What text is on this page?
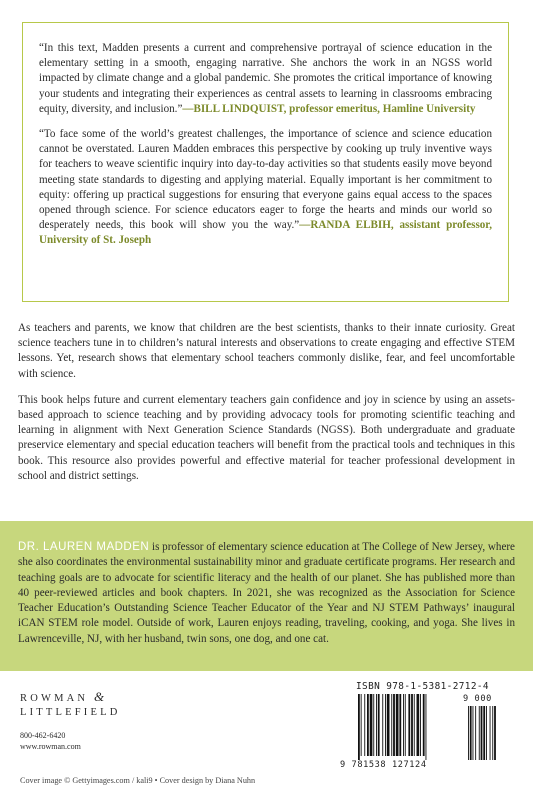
“In this text, Madden presents a current and comprehensive portrayal of science education in the elementary setting in a smooth, engaging narrative. She anchors the work in an NGSS world impacted by climate change and a global pandemic. She promotes the critical importance of knowing your students and integrating their experiences as central assets to learning in classrooms embracing equity, diversity, and inclusion.”—BILL LINDQUIST, professor emeritus, Hamline University

“To face some of the world’s greatest challenges, the importance of science and science education cannot be overstated. Lauren Madden embraces this perspective by cooking up truly inventive ways for teachers to weave scientific inquiry into day-to-day activities so that students easily move beyond meeting state standards to digesting and applying material. Equally important is her commitment to equity: offering up practical suggestions for ensuring that everyone gains equal access to the spaces opened through science. For science educators eager to forge the hearts and minds our world so desperately needs, this book will show you the way.”—RANDA ELBIH, assistant professor, University of St. Joseph

As teachers and parents, we know that children are the best scientists, thanks to their innate curiosity. Great science teachers tune in to children’s natural interests and observations to create engaging and effective STEM lessons. Yet, research shows that elementary school teachers commonly dislike, fear, and feel uncomfortable with science.

This book helps future and current elementary teachers gain confidence and joy in science by using an assets-based approach to science teaching and by providing advocacy tools for promoting scientific teaching and learning in alignment with Next Generation Science Standards (NGSS). Both undergraduate and graduate preservice elementary and special education teachers will benefit from the practical tools and techniques in this book. This resource also provides powerful and effective material for teacher professional development in school and district settings.

DR. LAUREN MADDEN is professor of elementary science education at The College of New Jersey, where she also coordinates the environmental sustainability minor and graduate certificate programs. Her research and teaching goals are to advocate for scientific literacy and the health of our planet. She has published more than 40 peer-reviewed articles and book chapters. In 2021, she was recognized as the Association for Science Teacher Education’s Outstanding Science Teacher Educator of the Year and NJ STEM Pathways’ inaugural iCAN STEM role model. Outside of work, Lauren enjoys reading, traveling, cooking, and yoga. She lives in Lawrenceville, NJ, with her husband, twin sons, one dog, and one cat.
ROWMAN &
LITTLEFIELD
800-462-6420
www.rowman.com
ISBN 978-1-5381-2712-4
9 781538 127124
9 000
Cover image © Gettyimages.com / kali9 • Cover design by Diana Nuhn
